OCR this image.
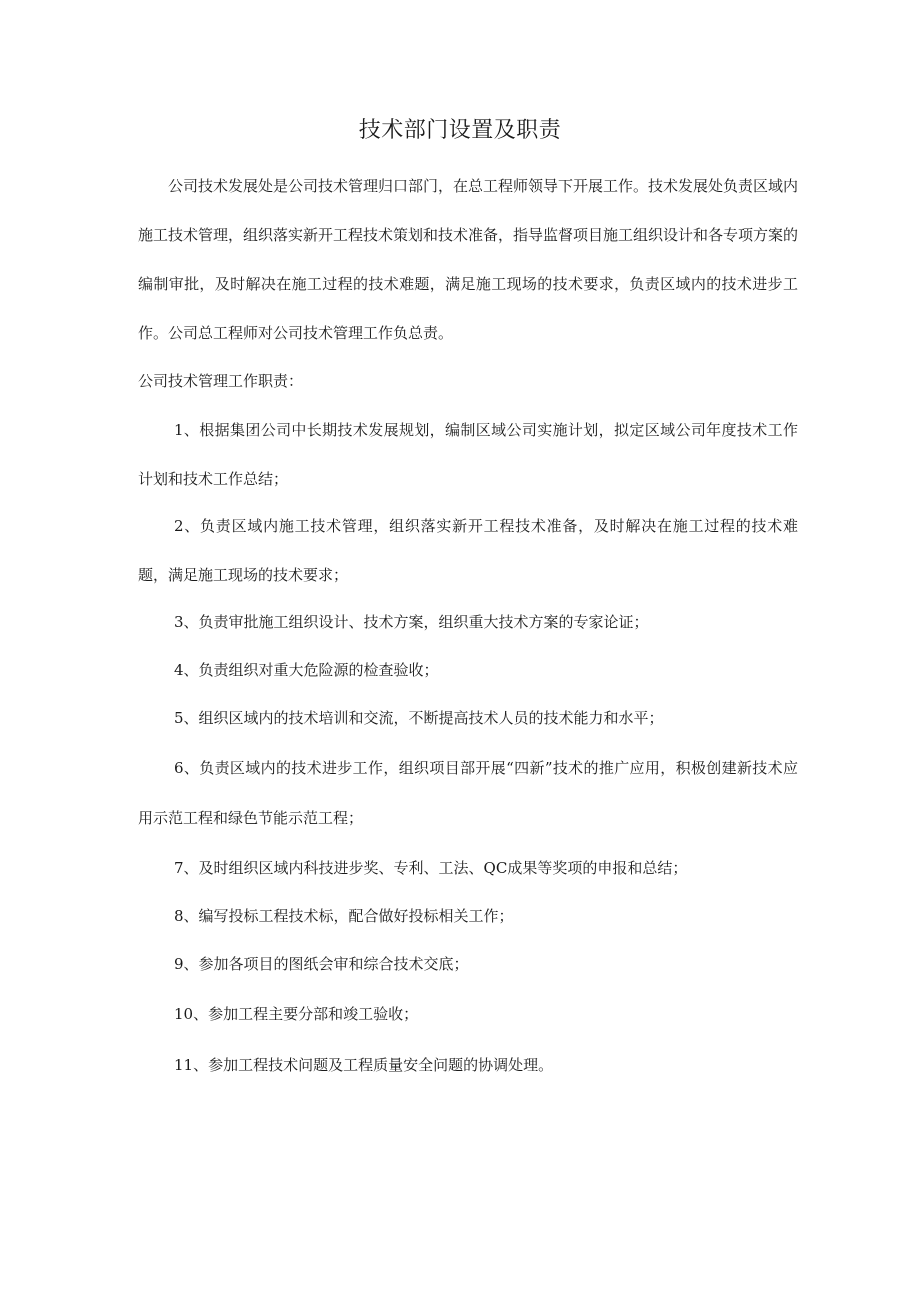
技术部门设置及职责
公司技术发展处是公司技术管理归口部门，在总工程师领导下开展工作。技术发展处负责区域内施工技术管理，组织落实新开工程技术策划和技术准备，指导监督项目施工组织设计和各专项方案的编制审批，及时解决在施工过程的技术难题，满足施工现场的技术要求，负责区域内的技术进步工作。公司总工程师对公司技术管理工作负总责。
公司技术管理工作职责：
1、根据集团公司中长期技术发展规划，编制区域公司实施计划，拟定区域公司年度技术工作计划和技术工作总结；
2、负责区域内施工技术管理，组织落实新开工程技术准备，及时解决在施工过程的技术难题，满足施工现场的技术要求；
3、负责审批施工组织设计、技术方案，组织重大技术方案的专家论证；
4、负责组织对重大危险源的检查验收；
5、组织区域内的技术培训和交流，不断提高技术人员的技术能力和水平；
6、负责区域内的技术进步工作，组织项目部开展“四新”技术的推广应用，积极创建新技术应用示范工程和绿色节能示范工程；
7、及时组织区域内科技进步奖、专利、工法、QC成果等奖项的申报和总结；
8、编写投标工程技术标，配合做好投标相关工作；
9、参加各项目的图纸会审和综合技术交底；
10、参加工程主要分部和竣工验收；
11、参加工程技术问题及工程质量安全问题的协调处理。
